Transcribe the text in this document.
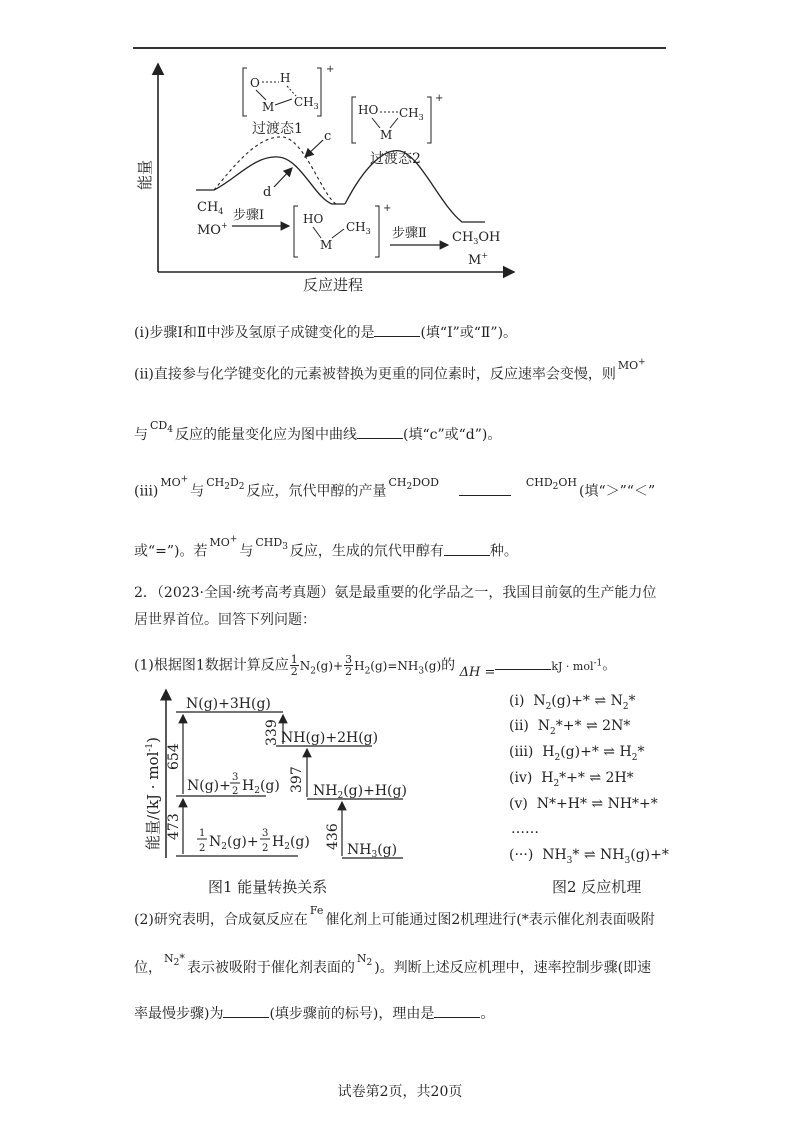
能量
反应进程
c
d
+
O H
M $CH_3$
过渡态1
+
HO $CH_3$
M
过渡态2
$CH_4$
MO+
步骤Ⅰ	+
HO
M
$CH_3$ 步骤Ⅱ $CH_3OH$
M+
(ⅰ)步骤Ⅰ和Ⅱ中涉及氢原子成键变化的是	(填“Ⅰ”或“Ⅱ”)。
(ⅱ)直接参与化学键变化的元素被替换为更重的同位素时，反应速率会变慢，则$^{MO^+}$
与$^{CD_4}$ 反应的能量变化应为图中曲线	(填“c”或“d”)。
(ⅲ)$^{MO^+}$与$^{CH_2D_2}$ 反应，氘代甲醇的产量$^{CH_2DOD}$	$^{CHD_2OH}$(填“＞”“＜”
或“=”)。若$^{MO^+}$与$^{CHD_3}$ 反应，生成的氘代甲醇有	种。
2．（2023·全国·统考高考真题）氨是最重要的化学品之一，我国目前氨的生产能力位
居世界首位。回答下列问题：
(1)根据图1数据计算反应 $\frac{1}{2} N_2(g)+ \frac{3}{2} H_2(g)=NH_3(g)$的 ΔH =	kJ · mol$^{-1}$。
能量/(kJ · mol$^{-1}$)
N(g)+3H(g)
N(g)+
3
2 $H_2(g)$
1
2 $N_2(g)+$
3
2 $H_2(g)$
NH(g)+2H(g)
$NH_2(g)+H(g)$
$NH_3(g)$
654
473
339
397
436
图1 能量转换关系
(ⅰ) $N_2(g)+*$ ⇌ $N_2*$
(ⅱ) $N_2*+*$ ⇌ 2N*
(ⅲ) $H_2(g)+*$ ⇌ $H_2*$
(ⅳ) $H_2*+*$ ⇌ 2H*
(ⅴ) N*+H* ⇌ NH*+*
……
(···) $NH_3*$ ⇌ $NH_3(g)+*$
图2 反应机理
(2)研究表明，合成氨反应在$^{Fe}$催化剂上可能通过图2机理进行(*表示催化剂表面吸附
位，$^{N_2*}$表示被吸附于催化剂表面的$^{N_2}$ )。判断上述反应机理中，速率控制步骤(即速
率最慢步骤)为	(填步骤前的标号)，理由是	。
试卷第2页，共20页
